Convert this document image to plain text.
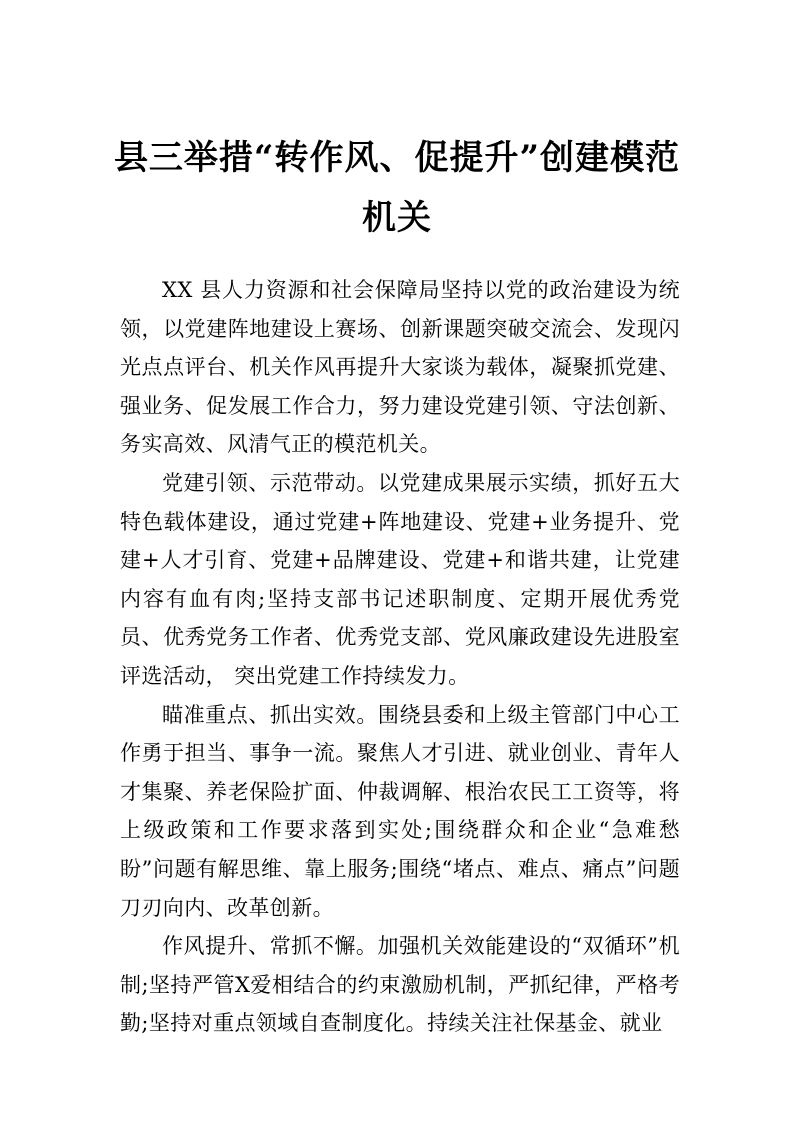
县三举措“转作风、促提升”创建模范机关

XX 县人力资源和社会保障局坚持以党的政治建设为统领，以党建阵地建设上赛场、创新课题突破交流会、发现闪光点点评台、机关作风再提升大家谈为载体，凝聚抓党建、 强业务、促发展工作合力，努力建设党建引领、守法创新、 务实高效、风清气正的模范机关。

党建引领、示范带动。以党建成果展示实绩，抓好五大特色载体建设，通过党建+阵地建设、党建+业务提升、党建+人才引育、党建+品牌建设、党建+和谐共建，让党建内容有血有肉;坚持支部书记述职制度、定期开展优秀党员、优秀党务工作者、优秀党支部、党风廉政建设先进股室评选活动， 突出党建工作持续发力。

瞄准重点、抓出实效。围绕县委和上级主管部门中心工作勇于担当、事争一流。聚焦人才引进、就业创业、青年人才集聚、养老保险扩面、仲裁调解、根治农民工工资等，将上级政策和工作要求落到实处;围绕群众和企业“急难愁盼”问题有解思维、靠上服务;围绕“堵点、难点、痛点”问题刀刃向内、改革创新。

作风提升、常抓不懈。加强机关效能建设的“双循环”机制;坚持严管X爱相结合的约束激励机制，严抓纪律，严格考勤;坚持对重点领域自查制度化。持续关注社保基金、就业
